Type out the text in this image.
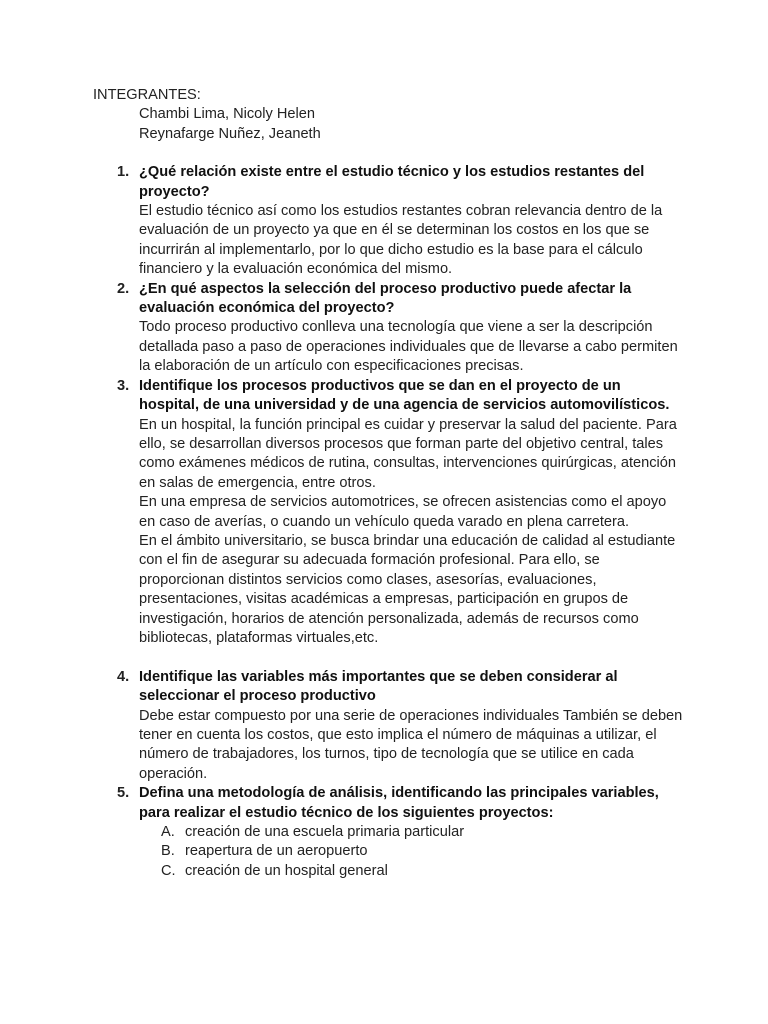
INTEGRANTES:
Chambi Lima, Nicoly Helen
Reynafarge Nuñez, Jeaneth
1. ¿Qué relación existe entre el estudio técnico y los estudios restantes del proyecto?
El estudio técnico así como los estudios restantes cobran relevancia dentro de la evaluación de un proyecto ya que en él se determinan los costos en los que se incurrirán al implementarlo, por lo que dicho estudio es la base para el cálculo financiero y la evaluación económica del mismo.
2. ¿En qué aspectos la selección del proceso productivo puede afectar la evaluación económica del proyecto?
Todo proceso productivo conlleva una tecnología que viene a ser la descripción detallada paso a paso de operaciones individuales que de llevarse a cabo permiten la elaboración de un artículo con especificaciones precisas.
3. Identifique los procesos productivos que se dan en el proyecto de un hospital, de una universidad y de una agencia de servicios automovilísticos.
En un hospital, la función principal es cuidar y preservar la salud del paciente. Para ello, se desarrollan diversos procesos que forman parte del objetivo central, tales como exámenes médicos de rutina, consultas, intervenciones quirúrgicas, atención en salas de emergencia, entre otros.
En una empresa de servicios automotrices, se ofrecen asistencias como el apoyo en caso de averías, o cuando un vehículo queda varado en plena carretera.
En el ámbito universitario, se busca brindar una educación de calidad al estudiante con el fin de asegurar su adecuada formación profesional. Para ello, se proporcionan distintos servicios como clases, asesorías, evaluaciones, presentaciones, visitas académicas a empresas, participación en grupos de investigación, horarios de atención personalizada, además de recursos como bibliotecas, plataformas virtuales,etc.
4. Identifique las variables más importantes que se deben considerar al seleccionar el proceso productivo
Debe estar compuesto por una serie de operaciones individuales También se deben tener en cuenta los costos, que esto implica el número de máquinas a utilizar, el número de trabajadores, los turnos, tipo de tecnología que se utilice en cada operación.
5. Defina una metodología de análisis, identificando las principales variables, para realizar el estudio técnico de los siguientes proyectos:
A. creación de una escuela primaria particular
B. reapertura de un aeropuerto
C. creación de un hospital general
